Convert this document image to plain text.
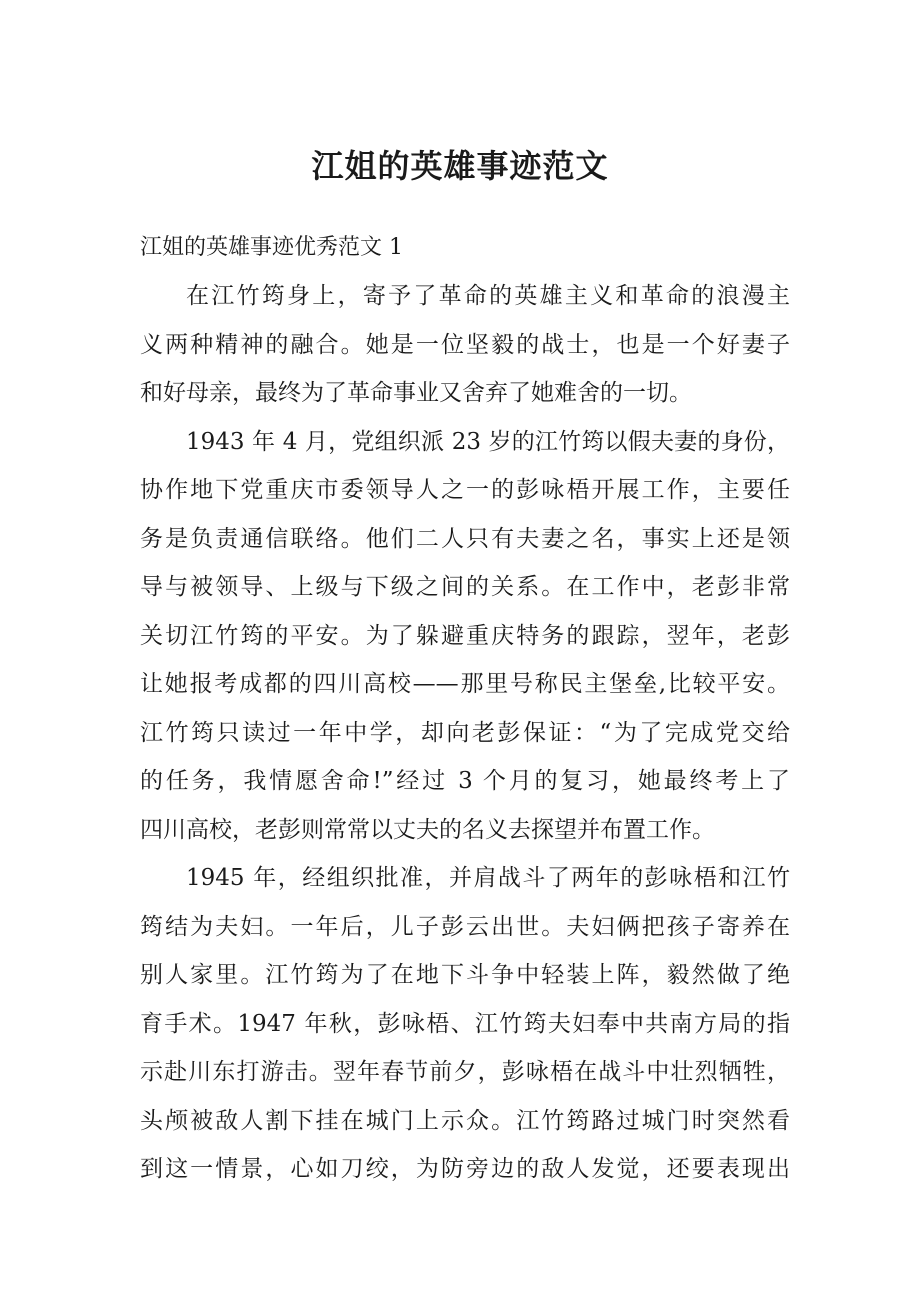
江姐的英雄事迹范文
江姐的英雄事迹优秀范文 1
在江竹筠身上，寄予了革命的英雄主义和革命的浪漫主
义两种精神的融合。她是一位坚毅的战士，也是一个好妻子
和好母亲，最终为了革命事业又舍弃了她难舍的一切。
1943 年 4 月，党组织派 23 岁的江竹筠以假夫妻的身份，
协作地下党重庆市委领导人之一的彭咏梧开展工作，主要任
务是负责通信联络。他们二人只有夫妻之名，事实上还是领
导与被领导、上级与下级之间的关系。在工作中，老彭非常
关切江竹筠的平安。为了躲避重庆特务的跟踪，翌年，老彭
让她报考成都的四川高校——那里号称民主堡垒,比较平安。
江竹筠只读过一年中学，却向老彭保证：“为了完成党交给
的任务，我情愿舍命!”经过 3 个月的复习，她最终考上了
四川高校，老彭则常常以丈夫的名义去探望并布置工作。
1945 年，经组织批准，并肩战斗了两年的彭咏梧和江竹
筠结为夫妇。一年后，儿子彭云出世。夫妇俩把孩子寄养在
别人家里。江竹筠为了在地下斗争中轻装上阵，毅然做了绝
育手术。1947 年秋，彭咏梧、江竹筠夫妇奉中共南方局的指
示赴川东打游击。翌年春节前夕，彭咏梧在战斗中壮烈牺牲，
头颅被敌人割下挂在城门上示众。江竹筠路过城门时突然看
到这一情景，心如刀绞，为防旁边的敌人发觉，还要表现出
